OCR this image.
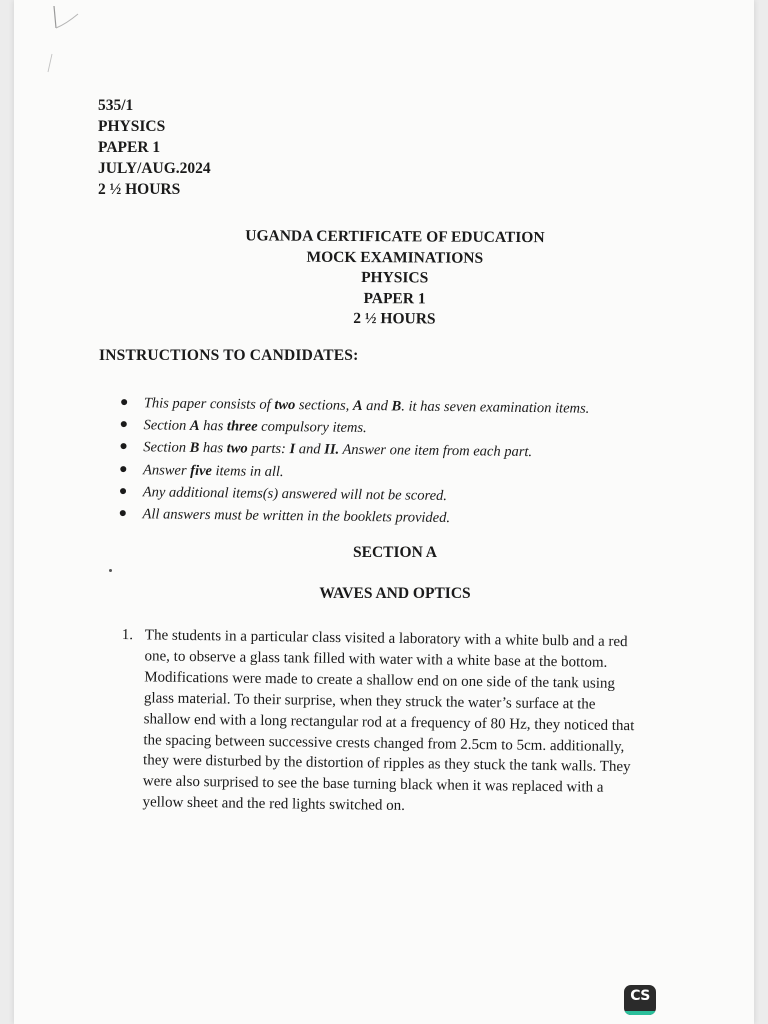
535/1
PHYSICS
PAPER 1
JULY/AUG.2024
2 ½ HOURS
UGANDA CERTIFICATE OF EDUCATION
MOCK EXAMINATIONS
PHYSICS
PAPER 1
2 ½ HOURS
INSTRUCTIONS TO CANDIDATES:
● This paper consists of two sections, A and B. it has seven examination items.
● Section A has three compulsory items.
● Section B has two parts: I and II. Answer one item from each part.
● Answer five items in all.
● Any additional items(s) answered will not be scored.
● All answers must be written in the booklets provided.
SECTION A
WAVES AND OPTICS
1. The students in a particular class visited a laboratory with a white bulb and a red
one, to observe a glass tank filled with water with a white base at the bottom.
Modifications were made to create a shallow end on one side of the tank using
glass material. To their surprise, when they struck the water’s surface at the
shallow end with a long rectangular rod at a frequency of 80 Hz, they noticed that
the spacing between successive crests changed from 2.5cm to 5cm. additionally,
they were disturbed by the distortion of ripples as they stuck the tank walls. They
were also surprised to see the base turning black when it was replaced with a
yellow sheet and the red lights switched on.
CS
